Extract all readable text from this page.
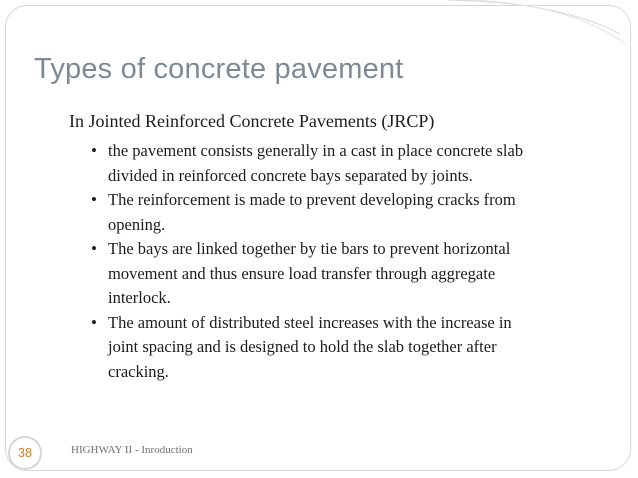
Types of concrete pavement
In Jointed Reinforced Concrete Pavements (JRCP)
• the pavement consists generally in a cast in place concrete slab
divided in reinforced concrete bays separated by joints.
• The reinforcement is made to prevent developing cracks from
opening.
• The bays are linked together by tie bars to prevent horizontal
movement and thus ensure load transfer through aggregate
interlock.
• The amount of distributed steel increases with the increase in
joint spacing and is designed to hold the slab together after
cracking.
38	HIGHWAY II - Inroduction
